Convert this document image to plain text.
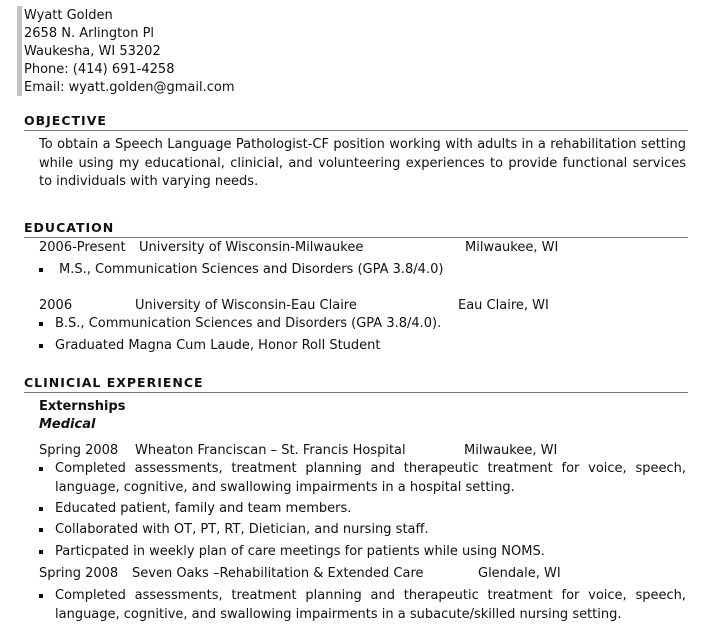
Wyatt Golden
2658 N. Arlington Pl
Waukesha, WI 53202
Phone: (414) 691-4258
Email: wyatt.golden@gmail.com
OBJECTIVE
To obtain a Speech Language Pathologist-CF position working with adults in a rehabilitation setting while using my educational, clinicial, and volunteering experiences to provide functional services to individuals with varying needs.
EDUCATION
2006-Present University of Wisconsin-Milwaukee	Milwaukee, WI
M.S., Communication Sciences and Disorders (GPA 3.8/4.0)
2006	University of Wisconsin-Eau Claire	Eau Claire, WI
B.S., Communication Sciences and Disorders (GPA 3.8/4.0).
Graduated Magna Cum Laude, Honor Roll Student
CLINICIAL EXPERIENCE
Externships
Medical
Spring 2008 Wheaton Franciscan – St. Francis Hospital	Milwaukee, WI
Completed assessments, treatment planning and therapeutic treatment for voice, speech, language, cognitive, and swallowing impairments in a hospital setting.
Educated patient, family and team members.
Collaborated with OT, PT, RT, Dietician, and nursing staff.
Particpated in weekly plan of care meetings for patients while using NOMS.
Spring 2008 Seven Oaks –Rehabilitation & Extended Care	Glendale, WI
Completed assessments, treatment planning and therapeutic treatment for voice, speech, language, cognitive, and swallowing impairments in a subacute/skilled nursing setting.
